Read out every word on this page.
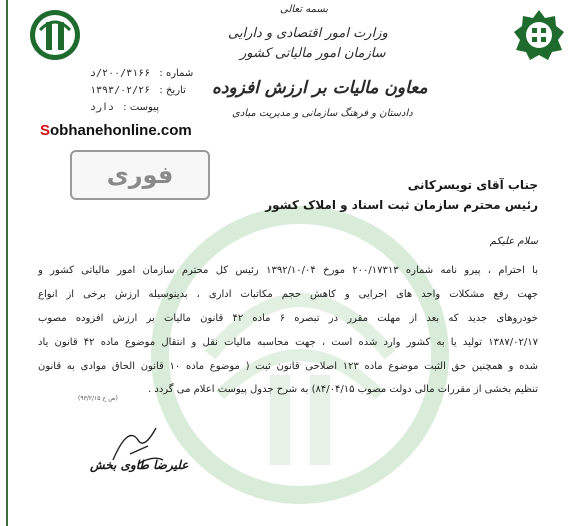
بسمه تعالی
وزارت امور اقتصادی و دارایی
سازمان امور مالیاتی کشور
معاون مالیات بر ارزش افزوده
دادستان و فرهنگ سازمانی و مدیریت مبادی
شماره : ۲۰۰/۳۱۶۶/د
تاریخ : ۱۳۹۳/۰۲/۲۶
پیوست : دارد
Sobhanehonline.com
فوری	جناب آقای تویسرکانی
رئیس محترم سازمان ثبت اسناد و املاک کشور
سلام علیکم
با احترام ، پیرو نامه شماره ۲۰۰/۱۷۳۱۳ مورخ ۱۳۹۲/۱۰/۰۴ رئیس کل محترم سازمان امور مالیاتی کشور و
جهت رفع مشکلات واحد های اجرایی و کاهش حجم مکاتبات اداری ، بدینوسیله ارزش برخی از انواع
خودروهای جدید که بعد از مهلت مقرر در تبصره ۶ ماده ۴۲ قانون مالیات بر ارزش افزوده مصوب
۱۳۸۷/۰۲/۱۷ تولید یا به کشور وارد شده است ، جهت محاسبه مالیات نقل و انتقال موضوع ماده ۴۲ قانون یاد
شده و همچنین حق الثبت موضوع ماده ۱۲۳ اصلاحی قانون ثبت ( موضوع ماده ۱۰ قانون الحاق موادی به قانون
تنظیم بخشی از مقررات مالی دولت مصوب ۸۴/۰۴/۱۵) به شرح جدول پیوست اعلام می گردد .
(ص ح ۹۳/۲/۱۵)
علیرضا طاوی بخش
